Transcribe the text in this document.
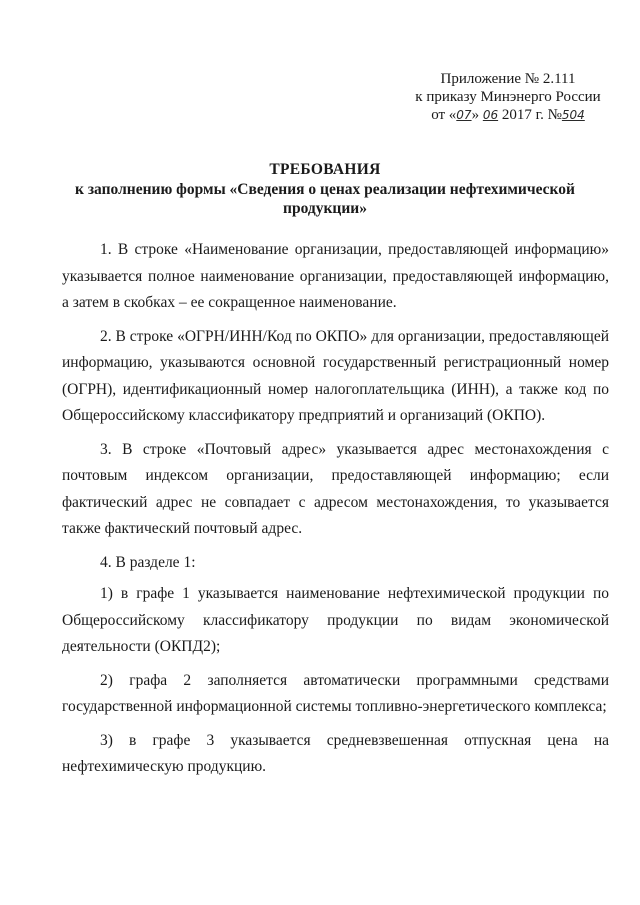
Приложение № 2.111
к приказу Минэнерго России
от «07» 06 2017 г. №504
ТРЕБОВАНИЯ
к заполнению формы «Сведения о ценах реализации нефтехимической продукции»

1. В строке «Наименование организации, предоставляющей информацию» указывается полное наименование организации, предоставляющей информацию, а затем в скобках – ее сокращенное наименование.

2. В строке «ОГРН/ИНН/Код по ОКПО» для организации, предоставляющей информацию, указываются основной государственный регистрационный номер (ОГРН), идентификационный номер налогоплательщика (ИНН), а также код по Общероссийскому классификатору предприятий и организаций (ОКПО).

3. В строке «Почтовый адрес» указывается адрес местонахождения с почтовым индексом организации, предоставляющей информацию; если фактический адрес не совпадает с адресом местонахождения, то указывается также фактический почтовый адрес.

4. В разделе 1:

1) в графе 1 указывается наименование нефтехимической продукции по Общероссийскому классификатору продукции по видам экономической деятельности (ОКПД2);

2) графа 2 заполняется автоматически программными средствами государственной информационной системы топливно-энергетического комплекса;

3) в графе 3 указывается средневзвешенная отпускная цена на нефтехимическую продукцию.
